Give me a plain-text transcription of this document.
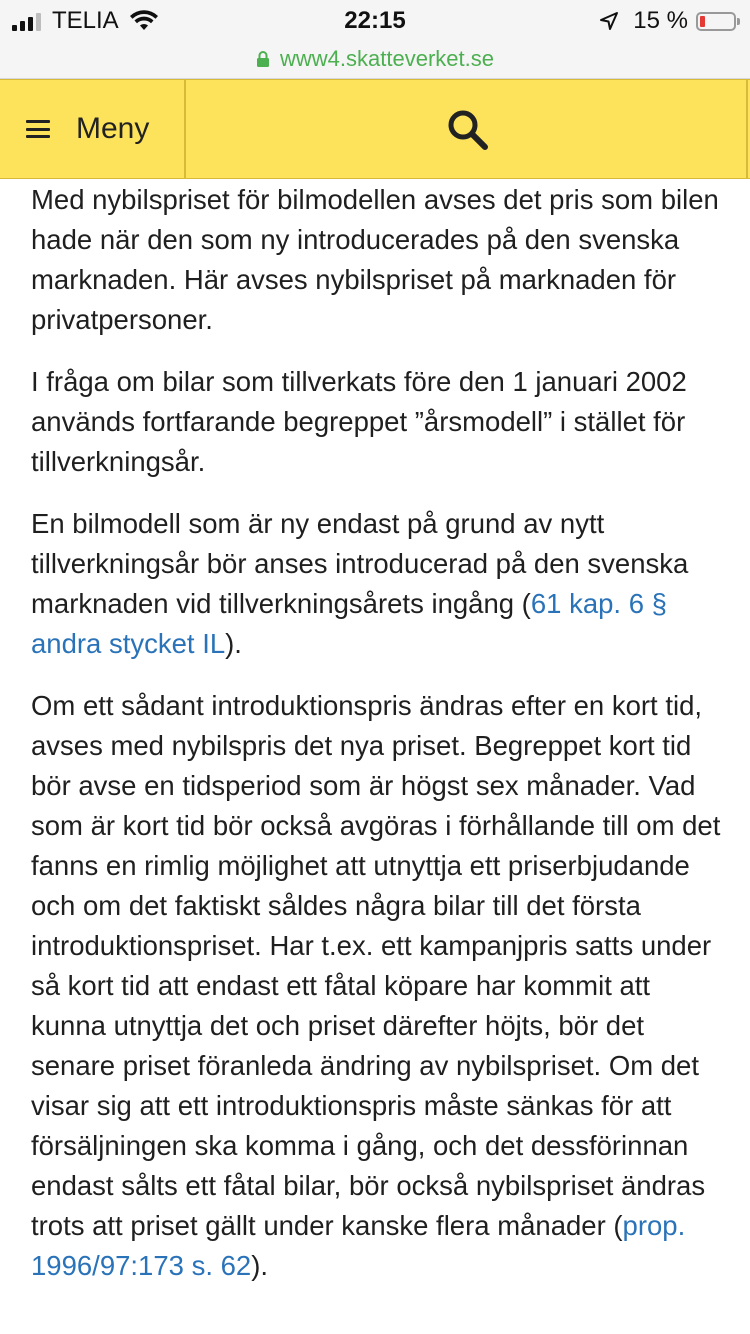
TELIA	22:15	15 %
www4.skatteverket.se
Meny

Med nybilspriset för bilmodellen avses det pris som bilen hade när den som ny introducerades på den svenska marknaden. Här avses nybilspriset på marknaden för privatpersoner.

I fråga om bilar som tillverkats före den 1 januari 2002 används fortfarande begreppet ”årsmodell” i stället för tillverkningsår.

En bilmodell som är ny endast på grund av nytt tillverkningsår bör anses introducerad på den svenska marknaden vid tillverkningsårets ingång (61 kap. 6 § andra stycket IL).

Om ett sådant introduktionspris ändras efter en kort tid, avses med nybilspris det nya priset. Begreppet kort tid bör avse en tidsperiod som är högst sex månader. Vad som är kort tid bör också avgöras i förhållande till om det fanns en rimlig möjlighet att utnyttja ett priserbjudande och om det faktiskt såldes några bilar till det första introduktionspriset. Har t.ex. ett kampanjpris satts under så kort tid att endast ett fåtal köpare har kommit att kunna utnyttja det och priset därefter höjts, bör det senare priset föranleda ändring av nybilspriset. Om det visar sig att ett introduktionspris måste sänkas för att försäljningen ska komma i gång, och det dessförinnan endast sålts ett fåtal bilar, bör också nybilspriset ändras trots att priset gällt under kanske flera månader (prop. 1996/97:173 s. 62).
